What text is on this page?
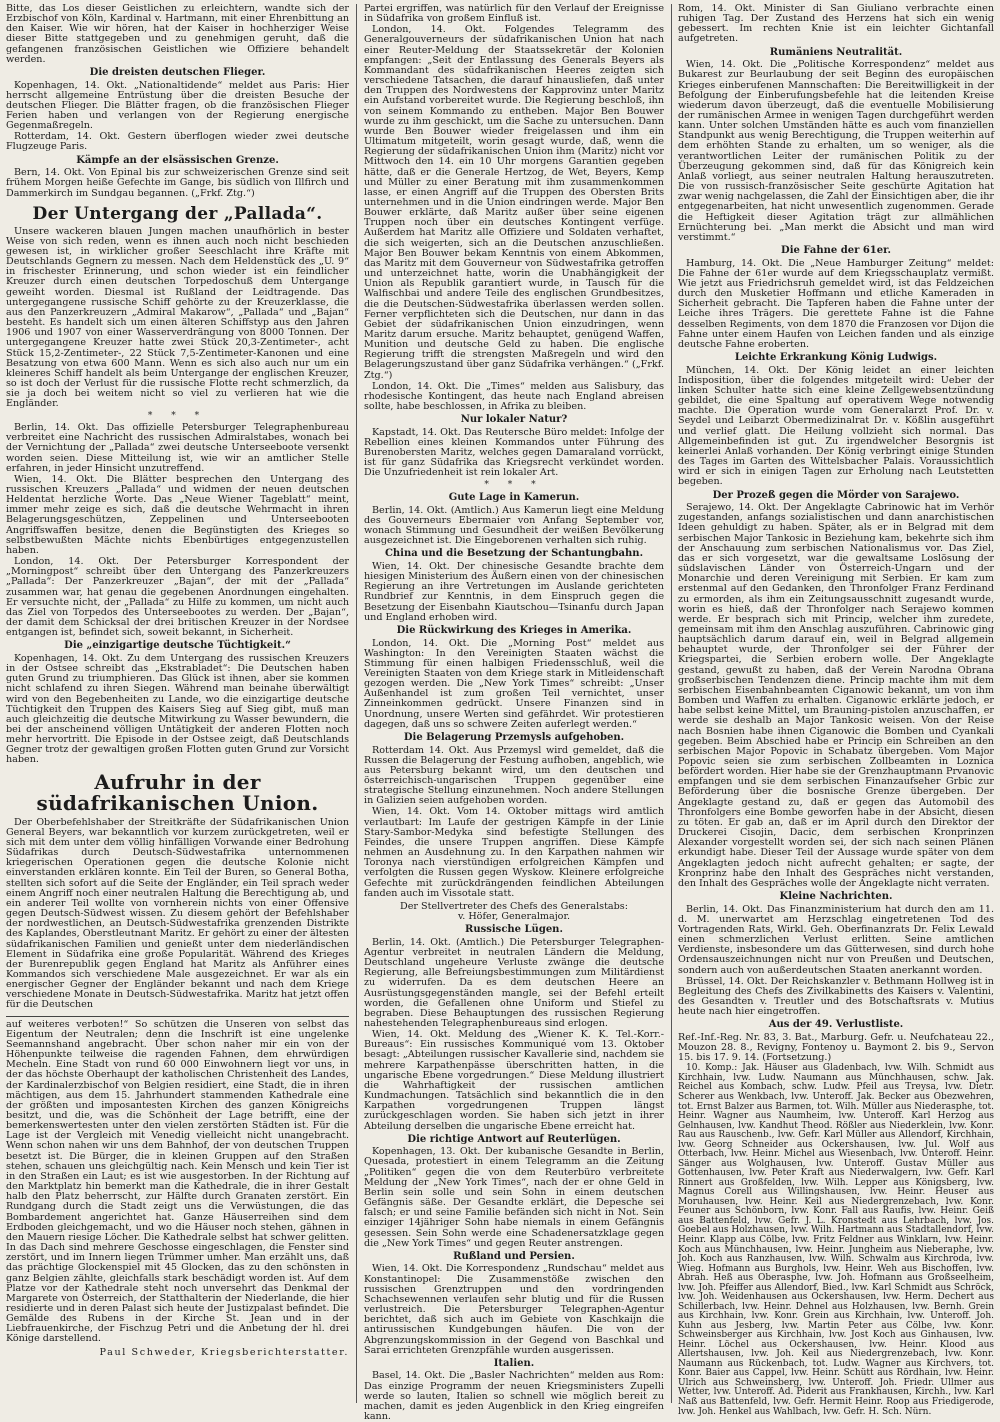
Bitte, das Los dieser Geistlichen zu erleichtern, wandte sich der Erzbischof von Köln, Kardinal v. Hartmann, mit einer Ehrenbittung an den Kaiser. Wie wir hören, hat der Kaiser in hochherziger Weise dieser Bitte stattgegeben und zu genehmigen geruht, daß die gefangenen französischen Geistlichen wie Offiziere behandelt werden.

Die dreisten deutschen Flieger.

Kopenhagen, 14. Okt. „Nationaltidende“ meldet aus Paris: Hier herrscht allgemeine Entrüstung über die dreisten Besuche der deutschen Flieger. Die Blätter fragen, ob die französischen Flieger Ferien haben und verlangen von der Regierung energische Gegenmaßregeln.

Rotterdam, 14. Okt. Gestern überflogen wieder zwei deutsche Flugzeuge Paris.

Kämpfe an der elsässischen Grenze.

Bern, 14. Okt. Von Epinal bis zur schweizerischen Grenze sind seit frühem Morgen heiße Gefechte im Gange, bis südlich von Illfirch und Dammerkirch im Sundgau begannen. („Frkf. Ztg.“)

Der Untergang der „Pallada“.

Unsere wackeren blauen Jungen machen unaufhörlich in bester Weise von sich reden, wenn es ihnen auch noch nicht beschieden gewesen ist, in wirklicher großer Seeschlacht ihre Kräfte mit Deutschlands Gegnern zu messen. Nach dem Heldenstück des „U. 9“ in frischester Erinnerung, und schon wieder ist ein feindlicher Kreuzer durch einen deutschen Torpedoschuß dem Untergange geweiht worden. Diesmal ist Rußland der Leidtragende. Das untergegangene russische Schiff gehörte zu der Kreuzerklasse, die aus den Panzerkreuzern „Admiral Makarow“, „Pallada“ und „Bajan“ besteht. Es handelt sich um einen älteren Schiffstyp aus den Jahren 1906 und 1907 von einer Wasserverdrängung von 8000 Tonnen. Der untergegangene Kreuzer hatte zwei Stück 20,3-Zentimeter-, acht Stück 15,2-Zentimeter-, 22 Stück 7,5-Zentimeter-Kanonen und eine Besatzung von etwa 600 Mann. Wenn es sich also auch nur um ein kleineres Schiff handelt als beim Untergange der englischen Kreuzer, so ist doch der Verlust für die russische Flotte recht schmerzlich, da sie ja doch bei weitem nicht so viel zu verlieren hat wie die Engländer.

* * *

Berlin, 14. Okt. Das offizielle Petersburger Telegraphenbureau verbreitet eine Nachricht des russischen Admiralstabes, wonach bei der Vernichtung der „Pallada“ zwei deutsche Unterseeboote versenkt worden seien. Diese Mitteilung ist, wie wir an amtlicher Stelle erfahren, in jeder Hinsicht unzutreffend.

Wien, 14. Okt. Die Blätter besprechen den Untergang des russischen Kreuzers „Pallada“ und widmen der neuen deutschen Heldentat herzliche Worte. Das „Neue Wiener Tageblatt“ meint, immer mehr zeige es sich, daß die deutsche Wehrmacht in ihren Belagerungsgeschützen, Zeppelinen und Unterseebooten Angriffswaffen besitze, denen die Begünstigten des Krieges so selbstbewußten Mächte nichts Ebenbürtiges entgegenzustellen haben.

London, 14. Okt. Der Petersburger Korrespondent der „Morningpost“ schreibt über den Untergang des Panzerkreuzers „Pallada“: Der Panzerkreuzer „Bajan“, der mit der „Pallada“ zusammen war, hat genau die gegebenen Anordnungen eingehalten. Er versuchte nicht, der „Pallada“ zu Hilfe zu kommen, um nicht auch das Ziel von Torpedos des Unterseebootes zu werden. Der „Bajan“, der damit dem Schicksal der drei britischen Kreuzer in der Nordsee entgangen ist, befindet sich, soweit bekannt, in Sicherheit.

Die „einzigartige deutsche Tüchtigkeit.“

Kopenhagen, 14. Okt. Zu dem Untergang des russischen Kreuzers in der Ostsee schreibt das „Ekstrabladet“: Die Deutschen haben guten Grund zu triumphieren. Das Glück ist ihnen, aber sie kommen nicht schlafend zu ihren Siegen. Während man beinahe überwältigt wird von den Begebenheiten zu Lande, wo die einzigartige deutsche Tüchtigkeit den Truppen des Kaisers Sieg auf Sieg gibt, muß man auch gleichzeitig die deutsche Mitwirkung zu Wasser bewundern, die bei der anscheinend völligen Untätigkeit der anderen Flotten noch mehr hervortritt. Die Episode in der Ostsee zeigt, daß Deutschlands Gegner trotz der gewaltigen großen Flotten guten Grund zur Vorsicht haben.

Aufruhr in der südafrikanischen Union.

Der Oberbefehlshaber der Streitkräfte der Südafrikanischen Union General Beyers, war bekanntlich vor kurzem zurückgetreten, weil er sich mit dem unter dem völlig hinfälligen Vorwande einer Bedrohung Südafrikas durch Deutsch-Südwestafrika unternommenen kriegerischen Operationen gegen die deutsche Kolonie nicht einverstanden erklären konnte. Ein Teil der Buren, so General Botha, stellten sich sofort auf die Seite der Engländer, ein Teil sprach weder einem Angriff noch einer neutralen Haltung die Berechtigung ab, und ein anderer Teil wollte von vornherein nichts von einer Offensive gegen Deutsch-Südwest wissen. Zu diesem gehört der Befehlshaber der nordwestlichen, an Deutsch-Südwestafrika grenzenden Distrikte des Kaplandes, Oberstleutnant Maritz. Er gehört zu einer der ältesten südafrikanischen Familien und genießt unter dem niederländischen Element in Südafrika eine große Popularität. Während des Krieges der Burenrepublik gegen England hat Maritz als Anführer eines Kommandos sich verschiedene Male ausgezeichnet. Er war als ein energischer Gegner der Engländer bekannt und nach dem Kriege verschiedene Monate in Deutsch-Südwestafrika. Maritz hat jetzt offen für die Deutschen

auf weiteres verboten!“ So schützen die Unseren von selbst das Eigentum der Neutralen; denn die Inschrift ist eine ungelenke Seemannshand angebracht. Über schon naher mir ein von der Höhenpunkte teilweise die ragenden Fahnen, dem ehrwürdigen Mecheln. Eine Stadt von rund 60 000 Einwohnern liegt vor uns, in der das höchste Oberhaupt der katholischen Christenheit des Landes, der Kardinalerzbischof von Belgien residiert, eine Stadt, die in ihren mächtigen, aus dem 15. Jahrhundert stammenden Kathedrale eine der größten und imposantesten Kirchen des ganzen Königreichs besitzt, und die, was die Schönheit der Lage betrifft, eine der bemerkenswertesten unter den vielen zerstörten Städten ist. Für die Lage ist der Vergleich mit Venedig vielleicht nicht unangebracht. Wenn schon nahen wir uns dem Bahnhof, der von deutschen Truppen besetzt ist. Die Bürger, die in kleinen Gruppen auf den Straßen stehen, schauen uns gleichgültig nach. Kein Mensch und kein Tier ist in den Straßen ein Laut; es ist wie ausgestorben. In der Richtung auf den Marktplatz hin bemerkt man die Kathedrale, die in ihrer Gestalt halb den Platz beherrscht, zur Hälfte durch Granaten zerstört. Ein Rundgang durch die Stadt zeigt uns die Verwüstungen, die das Bombardement angerichtet hat. Ganze Häuserreihen sind dem Erdboden gleichgemacht, und wo die Häuser noch stehen, gähnen in den Mauern riesige Löcher. Die Kathedrale selbst hat schwer gelitten. In das Dach sind mehrere Geschosse eingeschlagen, die Fenster sind zerstört, und im Innern liegen Trümmer umher. Man erzählt uns, daß das prächtige Glockenspiel mit 45 Glocken, das zu den schönsten in ganz Belgien zählte, gleichfalls stark beschädigt worden ist. Auf dem Platze vor der Kathedrale steht noch unversehrt das Denkmal der Margarete von Österreich, der Statthalterin der Niederlande, die hier residierte und in deren Palast sich heute der Justizpalast befindet. Die Gemälde des Rubens in der Kirche St. Jean und in der Liebfrauenkirche, der Fischzug Petri und die Anbetung der hl. drei Könige darstellend.

Paul Schweder, Kriegsberichterstatter.

Partei ergriffen, was natürlich für den Verlauf der Ereignisse in Südafrika von großem Einfluß ist.

London, 14. Okt. Folgendes Telegramm des Generalgouverneurs der südafrikanischen Union hat nach einer Reuter-Meldung der Staatssekretär der Kolonien empfangen: „Seit der Entlassung des Generals Beyers als Kommandant des südafrikanischen Heeres zeigten sich verschiedene Tatsachen, die darauf hinausliefen, daß unter den Truppen des Nordwestens der Kapprovinz unter Maritz ein Aufstand vorbereitet wurde. Die Regierung beschloß, ihn von seinem Kommando zu entheben. Major Ben Bouwer wurde zu ihm geschickt, um die Sache zu untersuchen. Dann wurde Ben Bouwer wieder freigelassen und ihm ein Ultimatum mitgeteilt, worin gesagt wurde, daß, wenn die Regierung der südafrikanischen Union ihm (Maritz) nicht vor Mittwoch den 14. ein 10 Uhr morgens Garantien gegeben hätte, daß er die Generale Hertzog, de Wet, Beyers, Kemp und Müller zu einer Beratung mit ihm zusammenkommen lasse, er einen Angriff auf die Truppen des Obersten Brits unternehmen und in die Union eindringen werde. Major Ben Bouwer erklärte, daß Maritz außer über seine eigenen Truppen noch über ein deutsches Kontingent verfüge. Außerdem hat Maritz alle Offiziere und Soldaten verhaftet, die sich weigerten, sich an die Deutschen anzuschließen. Major Ben Bouwer bekam Kenntnis von einem Abkommen, das Maritz mit dem Gouverneur von Südwestafrika getroffen und unterzeichnet hatte, worin die Unabhängigkeit der Union als Republik garantiert wurde, in Tausch für die Walfischbai und andere Teile des englischen Grundbesitzes, die die Deutschen-Südwestafrika überlassen werden sollen. Ferner verpflichteten sich die Deutschen, nur dann in das Gebiet der südafrikanischen Union einzudringen, wenn Maritz darum ersuche. Maritz behauptet, genügend Waffen, Munition und deutsche Geld zu haben. Die englische Regierung trifft die strengsten Maßregeln und wird den Belagerungszustand über ganz Südafrika verhängen.“ („Frkf. Ztg.“)

London, 14. Okt. Die „Times“ melden aus Salisbury, das rhodesische Kontingent, das heute nach England abreisen sollte, habe beschlossen, in Afrika zu bleiben.

Nur lokaler Natur?

Kapstadt, 14. Okt. Das Reutersche Büro meldet: Infolge der Rebellion eines kleinen Kommandos unter Führung des Burenobersten Maritz, welches gegen Damaraland vorrückt, ist für ganz Südafrika das Kriegsrecht verkündet worden. Die Unzufriedenheit ist rein lokaler Art.

* * *
Gute Lage in Kamerun.

Berlin, 14. Okt. (Amtlich.) Aus Kamerun liegt eine Meldung des Gouverneurs Ebermaier von Anfang September vor, wonach Stimmung und Gesundheit der weißen Bevölkerung ausgezeichnet ist. Die Eingeborenen verhalten sich ruhig.

China und die Besetzung der Schantungbahn.

Wien, 14. Okt. Der chinesische Gesandte brachte dem hiesigen Ministerium des Äußern einen von der chinesischen Regierung an ihre Vertretungen im Auslande gerichteten Rundbrief zur Kenntnis, in dem Einspruch gegen die Besetzung der Eisenbahn Kiautschou—Tsinanfu durch Japan und England erhoben wird.

Die Rückwirkung des Krieges in Amerika.

London, 14. Okt. Die „Morning Post“ meldet aus Washington: In den Vereinigten Staaten wächst die Stimmung für einen halbigen Friedensschluß, weil die Vereinigten Staaten von dem Kriege stark in Mitleidenschaft gezogen werden. Die „New York Times“ schreibt: „Unser Außenhandel ist zum großen Teil vernichtet, unser Zinneinkommen gedrückt. Unsere Finanzen sind in Unordnung, unsere Werten sind gefährdet. Wir protestieren dagegen, daß uns so schwere Zeiten auferlegt werden.“

Die Belagerung Przemysls aufgehoben.

Rotterdam 14. Okt. Aus Przemysl wird gemeldet, daß die Russen die Belagerung der Festung aufhoben, angeblich, wie aus Petersburg bekannt wird, um den deutschen und österreichisch-ungarischen Truppen gegenüber eine strategische Stellung einzunehmen. Noch andere Stellungen in Galizien seien aufgehoben worden.

Wien, 14. Okt. Vom 14. Oktober mittags wird amtlich verlautbart: Im Laufe der gestrigen Kämpfe in der Linie Stary-Sambor-Medyka sind befestigte Stellungen des Feindes, die unsere Truppen angriffen. Diese Kämpfe nehmen an Ausdehnung zu. In den Karpathen nahmen wir Toronya nach vierstündigen erfolgreichen Kämpfen und verfolgten die Russen gegen Wyskow. Kleinere erfolgreiche Gefechte mit zurückdrängenden feindlichen Abteilungen fanden auch im Vissotale statt.

Der Stellvertreter des Chefs des Generalstabs:
v. Höfer, Generalmajor.
Russische Lügen.

Berlin, 14. Okt. (Amtlich.) Die Petersburger Telegraphen-Agentur verbreitet in neutralen Ländern die Meldung, Deutschland ungeheure Verluste zwänge die deutsche Regierung, alle Befreiungsbestimmungen zum Militärdienst zu widerrufen. Da es dem deutschen Heere an Ausrüstungsgegenständen mangle, sei der Befehl erteilt worden, die Gefallenen ohne Uniform und Stiefel zu begraben. Diese Behauptungen des russischen Regierung nahestehenden Telegraphenbureaus sind erlogen.

Wien, 14. Okt. Meldung des „Wiener K. K. Tel.-Korr.-Bureaus“: Ein russisches Kommuniqué vom 13. Oktober besagt: „Abteilungen russischer Kavallerie sind, nachdem sie mehrere Karpathenpässe überschritten hatten, in die ungarische Ebene vorgedrungen.“ Diese Meldung illustriert die Wahrhaftigkeit der russischen amtlichen Kundmachungen. Tatsächlich sind bekanntlich die in den Karpathen vorgedrungenen Truppen längst zurückgeschlagen worden. Sie haben sich jetzt in ihrer Abteilung derselben die ungarische Ebene erreicht hat.

Die richtige Antwort auf Reuterlügen.

Kopenhagen, 13. Okt. Der kubanische Gesandte in Berlin, Quesada, protestiert in einem Telegramm an die Zeitung „Politiken“ gegen die von dem Reuterbüro verbreitete Meldung der „New York Times“, nach der er ohne Geld in Berlin sein solle und sein Sohn in einem deutschen Gefängnis säße. Der Gesandte erklärt, die Depesche sei falsch; er und seine Familie befänden sich nicht in Not. Sein einziger 14jähriger Sohn habe niemals in einem Gefängnis gesessen. Sein Sohn werde eine Schadenersatzklage gegen die „New York Times“ und gegen Reuter anstrengen.

Rußland und Persien.

Wien, 14. Okt. Die Korrespondenz „Rundschau“ meldet aus Konstantinopel: Die Zusammenstöße zwischen den russischen Grenztruppen und den vordringenden Schachsewennen verlaufen sehr blutig und für die Russen verlustreich. Die Petersburger Telegraphen-Agentur berichtet, daß sich auch im Gebiete von Kaschkaijn die antirussischen Kundgebungen häufen. Die von der Abgrenzungskommission in der Gegend von Baschkal und Sarai errichteten Grenzpfähle wurden ausgerissen.

Italien.

Basel, 14. Okt. Die „Basler Nachrichten“ melden aus Rom: Das einzige Programm der neuen Kriegsministers Zupelli werde so lauten, Italien so schnell wie möglich bereit zu machen, damit es jeden Augenblick in den Krieg eingreifen kann.

Rom, 14. Okt. Minister di San Giuliano verbrachte einen ruhigen Tag. Der Zustand des Herzens hat sich ein wenig gebessert. Im rechten Knie ist ein leichter Gichtanfall aufgetreten.

Rumäniens Neutralität.

Wien, 14. Okt. Die „Politische Korrespondenz“ meldet aus Bukarest zur Beurlaubung der seit Beginn des europäischen Krieges einberufenen Mannschaften: Die Bereitwilligkeit in der Befolgung der Einberufungsbefehle hat die leitenden Kreise wiederum davon überzeugt, daß die eventuelle Mobilisierung der rumänischen Armee in wenigen Tagen durchgeführt werden kann. Unter solchen Umständen hätte es auch vom finanziellen Standpunkt aus wenig Berechtigung, die Truppen weiterhin auf dem erhöhten Stande zu erhalten, um so weniger, als die verantwortlichen Leiter der rumänischen Politik zu der Überzeugung gekommen sind, daß für das Königreich kein Anlaß vorliegt, aus seiner neutralen Haltung herauszutreten. Die von russisch-französischer Seite geschürte Agitation hat zwar wenig nachgelassen, die Zahl der Einsichtigen aber, die ihr entgegenarbeiten, hat nicht unwesentlich zugenommen. Gerade die Heftigkeit dieser Agitation trägt zur allmählichen Ernüchterung bei. „Man merkt die Absicht und man wird verstimmt.“

Die Fahne der 61er.

Hamburg, 14. Okt. Die „Neue Hamburger Zeitung“ meldet: Die Fahne der 61er wurde auf dem Kriegsschauplatz vermißt. Wie jetzt aus Friedrichsruh gemeldet wird, ist das Feldzeichen durch den Musketier Hoffmann und etliche Kameraden in Sicherheit gebracht. Die Tapferen haben die Fahne unter der Leiche ihres Trägers. Die gerettete Fahne ist die Fahne desselben Regiments, von dem 1870 die Franzosen vor Dijon die Fahne unter einem Haufen von Leichen fanden und als einzige deutsche Fahne eroberten.

Leichte Erkrankung König Ludwigs.

München, 14. Okt. Der König leidet an einer leichten Indisposition, über die folgendes mitgeteilt wird: Ueber der linken Schulter hatte sich eine kleine Zellgewebsentzündung gebildet, die eine Spaltung auf operativem Wege notwendig machte. Die Operation wurde vom Generalarzt Prof. Dr. v. Seydel und Leibarzt Obermedizinalrat Dr. v. Kößlin ausgeführt und verlief glatt. Die Heilung vollzieht sich normal. Das Allgemeinbefinden ist gut. Zu irgendwelcher Besorgnis ist keinerlei Anlaß vorhanden. Der König verbringt einige Stunden des Tages im Garten des Wittelsbacher Palais. Voraussichtlich wird er sich in einigen Tagen zur Erholung nach Leutstetten begeben.

Der Prozeß gegen die Mörder von Sarajewo.

Serajewo, 14. Okt. Der Angeklagte Cabrinowic hat im Verhör zugestanden, anfangs sozialistischen und dann anarchistischen Ideen gehuldigt zu haben. Später, als er in Belgrad mit dem serbischen Major Tankosic in Beziehung kam, bekehrte sich ihm der Anschauung zum serbischen Nationalismus vor. Das Ziel, das er sich vorgesetzt, war die gewaltsame Loslösung der südslavischen Länder von Österreich-Ungarn und der Monarchie und deren Vereinigung mit Serbien. Er kam zum erstenmal auf den Gedanken, den Thronfolger Franz Ferdinand zu ermorden, als ihm ein Zeitungsausschnitt zugesandt wurde, worin es hieß, daß der Thronfolger nach Serajewo kommen werde. Er besprach sich mit Princip, welcher ihm zuredete, gemeinsam mit ihm den Anschlag auszuführen. Cabrinowic ging hauptsächlich darum darauf ein, weil in Belgrad allgemein behauptet wurde, der Thronfolger sei der Führer der Kriegspartei, die Serbien erobern wolle. Der Angeklagte gestand, gewußt zu haben, daß der Verein Narodna Obrana großserbischen Tendenzen diene. Princip machte ihm mit dem serbischen Eisenbahnbeamten Ciganowic bekannt, um von ihm Bomben und Waffen zu erhalten. Ciganowic erklärte jedoch, er habe selbst keine Mittel, um Brauning-pistolen anzuschaffen, er werde sie deshalb an Major Tankosic weisen. Von der Reise nach Bosnien habe ihnen Ciganowic die Bomben und Cyankali gegeben. Beim Abschied habe er Princip ein Schreiben an den serbischen Major Popovic in Schabatz übergeben. Vom Major Popovic seien sie zum serbischen Zollbeamten in Loznica befördert worden. Hier habe sie der Grenzhauptmann Prvanovic empfangen und sie dem serbischen Finanzaufseher Grbic zur Beförderung über die bosnische Grenze übergeben. Der Angeklagte gestand zu, daß er gegen das Automobil des Thronfolgers eine Bombe geworfen habe in der Absicht, diesen zu töten. Er gab an, daß er im April durch den Direktor der Druckerei Cisojin, Dacic, dem serbischen Kronprinzen Alexander vorgestellt worden sei, der sich nach seinen Plänen erkundigt habe. Dieser Teil der Aussage wurde später von dem Angeklagten jedoch nicht aufrecht gehalten; er sagte, der Kronprinz habe den Inhalt des Gespräches nicht verstanden, den Inhalt des Gespräches wolle der Angeklagte nicht verraten.

Kleine Nachrichten.

Berlin, 14. Okt. Das Finanzministerium hat durch den am 11. d. M. unerwartet am Herzschlag eingetretenen Tod des Vortragenden Rats, Wirkl. Geh. Oberfinanzrats Dr. Felix Lewald einen schmerzlichen Verlust erlitten. Seine amtlichen Verdienste, insbesondere um das Gütterwesen, sind durch hohe Ordensauszeichnungen nicht nur von Preußen und Deutschen, sondern auch von außerdeutschen Staaten anerkannt worden.

Brüssel, 14. Okt. Der Reichskanzler v. Bethmann Hollweg ist in Begleitung des Chefs des Zivilkabinetts des Kaisers v. Valentini, des Gesandten v. Treutler und des Botschaftsrats v. Mutius heute nach hier eingetroffen.

Aus der 49. Verlustliste.

Ref.-Inf.-Reg. Nr. 83, 3. Bat., Marburg. Gefr. u. Neufchateau 22., Mouzon 28. 8., Revigny, Fontenoy u. Baymont 2. bis 9., Servon 15. bis 17. 9. 14. (Fortsetzung.)

10. Komp.: Jak. Häuser aus Gladenbach, lvw. Wilh. Schmidt aus Kirchhain, lvw. Ludw. Naumann aus Münchhausen, schw. Jak. Reichel aus Kombach, schw. Ludw. Pfeil aus Treysa, lvw. Dietr. Scherer aus Wenkbach, lvw. Unteroff. Jak. Becker aus Obezwehren, tot. Ernst Balzer aus Barmen, tot. Wilh. Müller aus Niederasphe, tot. Heinr. Wagner aus Naumheim, lvw. Unteroff. Karl Herzog aus Gelnhausen, lvw. Kandhut Theod. Rößler aus Niederklein, lvw. Konr. Rau aus Rauschenb., lvw. Gefr. Karl Müller aus Allendorf, Kirchhain, lvw. Georg Schneider aus Ockershausen, lvw. Jul. Wolf aus Otterbach, lvw. Heinr. Michel aus Wiesenbach, lvw. Unteroff. Heinr. Sänger aus Wolghausen, lvw. Unteroff. Gustav Müller aus Gottenhausen, lvw. Peter Kraft aus Niederwalgern, lvw. Gefr. Karl Rinnert aus Großfelden, lvw. Wilh. Lepper aus Königsberg, lvw. Magnus Corell aus Willingshausen, lvw. Heinr. Heuser aus Moruhausen, lvw. Heinr. Keil aus Niedergrenzebach, lvw. Konr. Feuner aus Schönborn, lvw. Konr. Fall aus Raufis, lvw. Heinr. Geiß aus Battenfeld, lvw. Gefr. J. L. Kronstedt aus Lehrbach, lvw. Jos. Goebel aus Holzhausen, lvw. Wilh. Hartmann aus Stadtallendorf, lvw. Heinr. Klapp aus Cölbe, lvw. Fritz Feldner aus Winklarn, lvw. Heinr. Koch aus Münchhausen, lvw. Heinr. Jungheim aus Nieberaphe, lvw. Joh. Koch aus Ranzhausen, lvw. Wilh. Schwalm aus Kirchroda, lvw. Wieg. Hofmann aus Burghols, lvw. Heinr. Weh aus Bischoffen, lvw. Abrah. Heß aus Oberasphe, lvw. Joh. Hofmann aus Großseelheim, lvw. Joh. Pfeiffer aus Allendorf, Bied., lvw. Karl Schmidt aus Schröck, lvw. Joh. Weidenhausen aus Ockershausen, lvw. Herm. Dechert aus Schillerbach, lvw. Heinr. Dehnel aus Holzhausen, lvw. Bernh. Grein aus Kirchhain, lvw. Konr. Grein aus Kirchhain, lvw. Unteroff. Joh. Kuhn aus Jesberg, lvw. Martin Peter aus Cölbe, lvw. Konr. Schweinsberger aus Kirchhain, lvw. Jost Koch aus Ginhausen, lvw. Heinr. Löchel aus Ockershausen, lvw. Heinr. Klood aus Allertshausen, lvw. Joh. Keil aus Niedergrenzebach, lvw. Konr. Naumann aus Rückenbach, tot. Ludw. Wagner aus Kirchvers, tot. Konr. Baier aus Cappel, lvw. Heinr. Schütt aus Rördhain, lvw. Heinr. Ulrich aus Schweinsberg, lvw. Unteroff. Joh. Friedr. Ullmer aus Wetter, lvw. Unteroff. Ad. Piderit aus Frankhausen, Kirchh., lvw. Karl Naß aus Battenfeld, lvw. Gefr. Hermit Heinr. Roop aus Friedigerode, lvw. Joh. Henkel aus Wahlbach, lvw. Gefr. H. Sch. Nürn.
